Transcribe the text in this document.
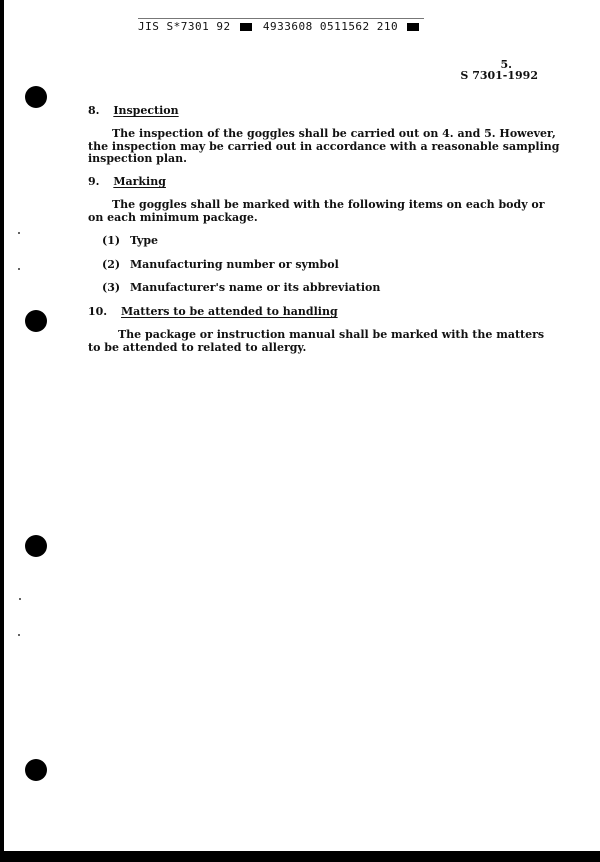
JIS S*7301 92	4933608 0511562 210
5.
S 7301-1992
8. Inspection
The inspection of the goggles shall be carried out on 4. and 5. However,
the inspection may be carried out in accordance with a reasonable sampling
inspection plan.
9. Marking
The goggles shall be marked with the following items on each body or
on each minimum package.
(1) Type
(2) Manufacturing number or symbol
(3) Manufacturer's name or its abbreviation
10. Matters to be attended to handling
The package or instruction manual shall be marked with the matters
to be attended to related to allergy.
